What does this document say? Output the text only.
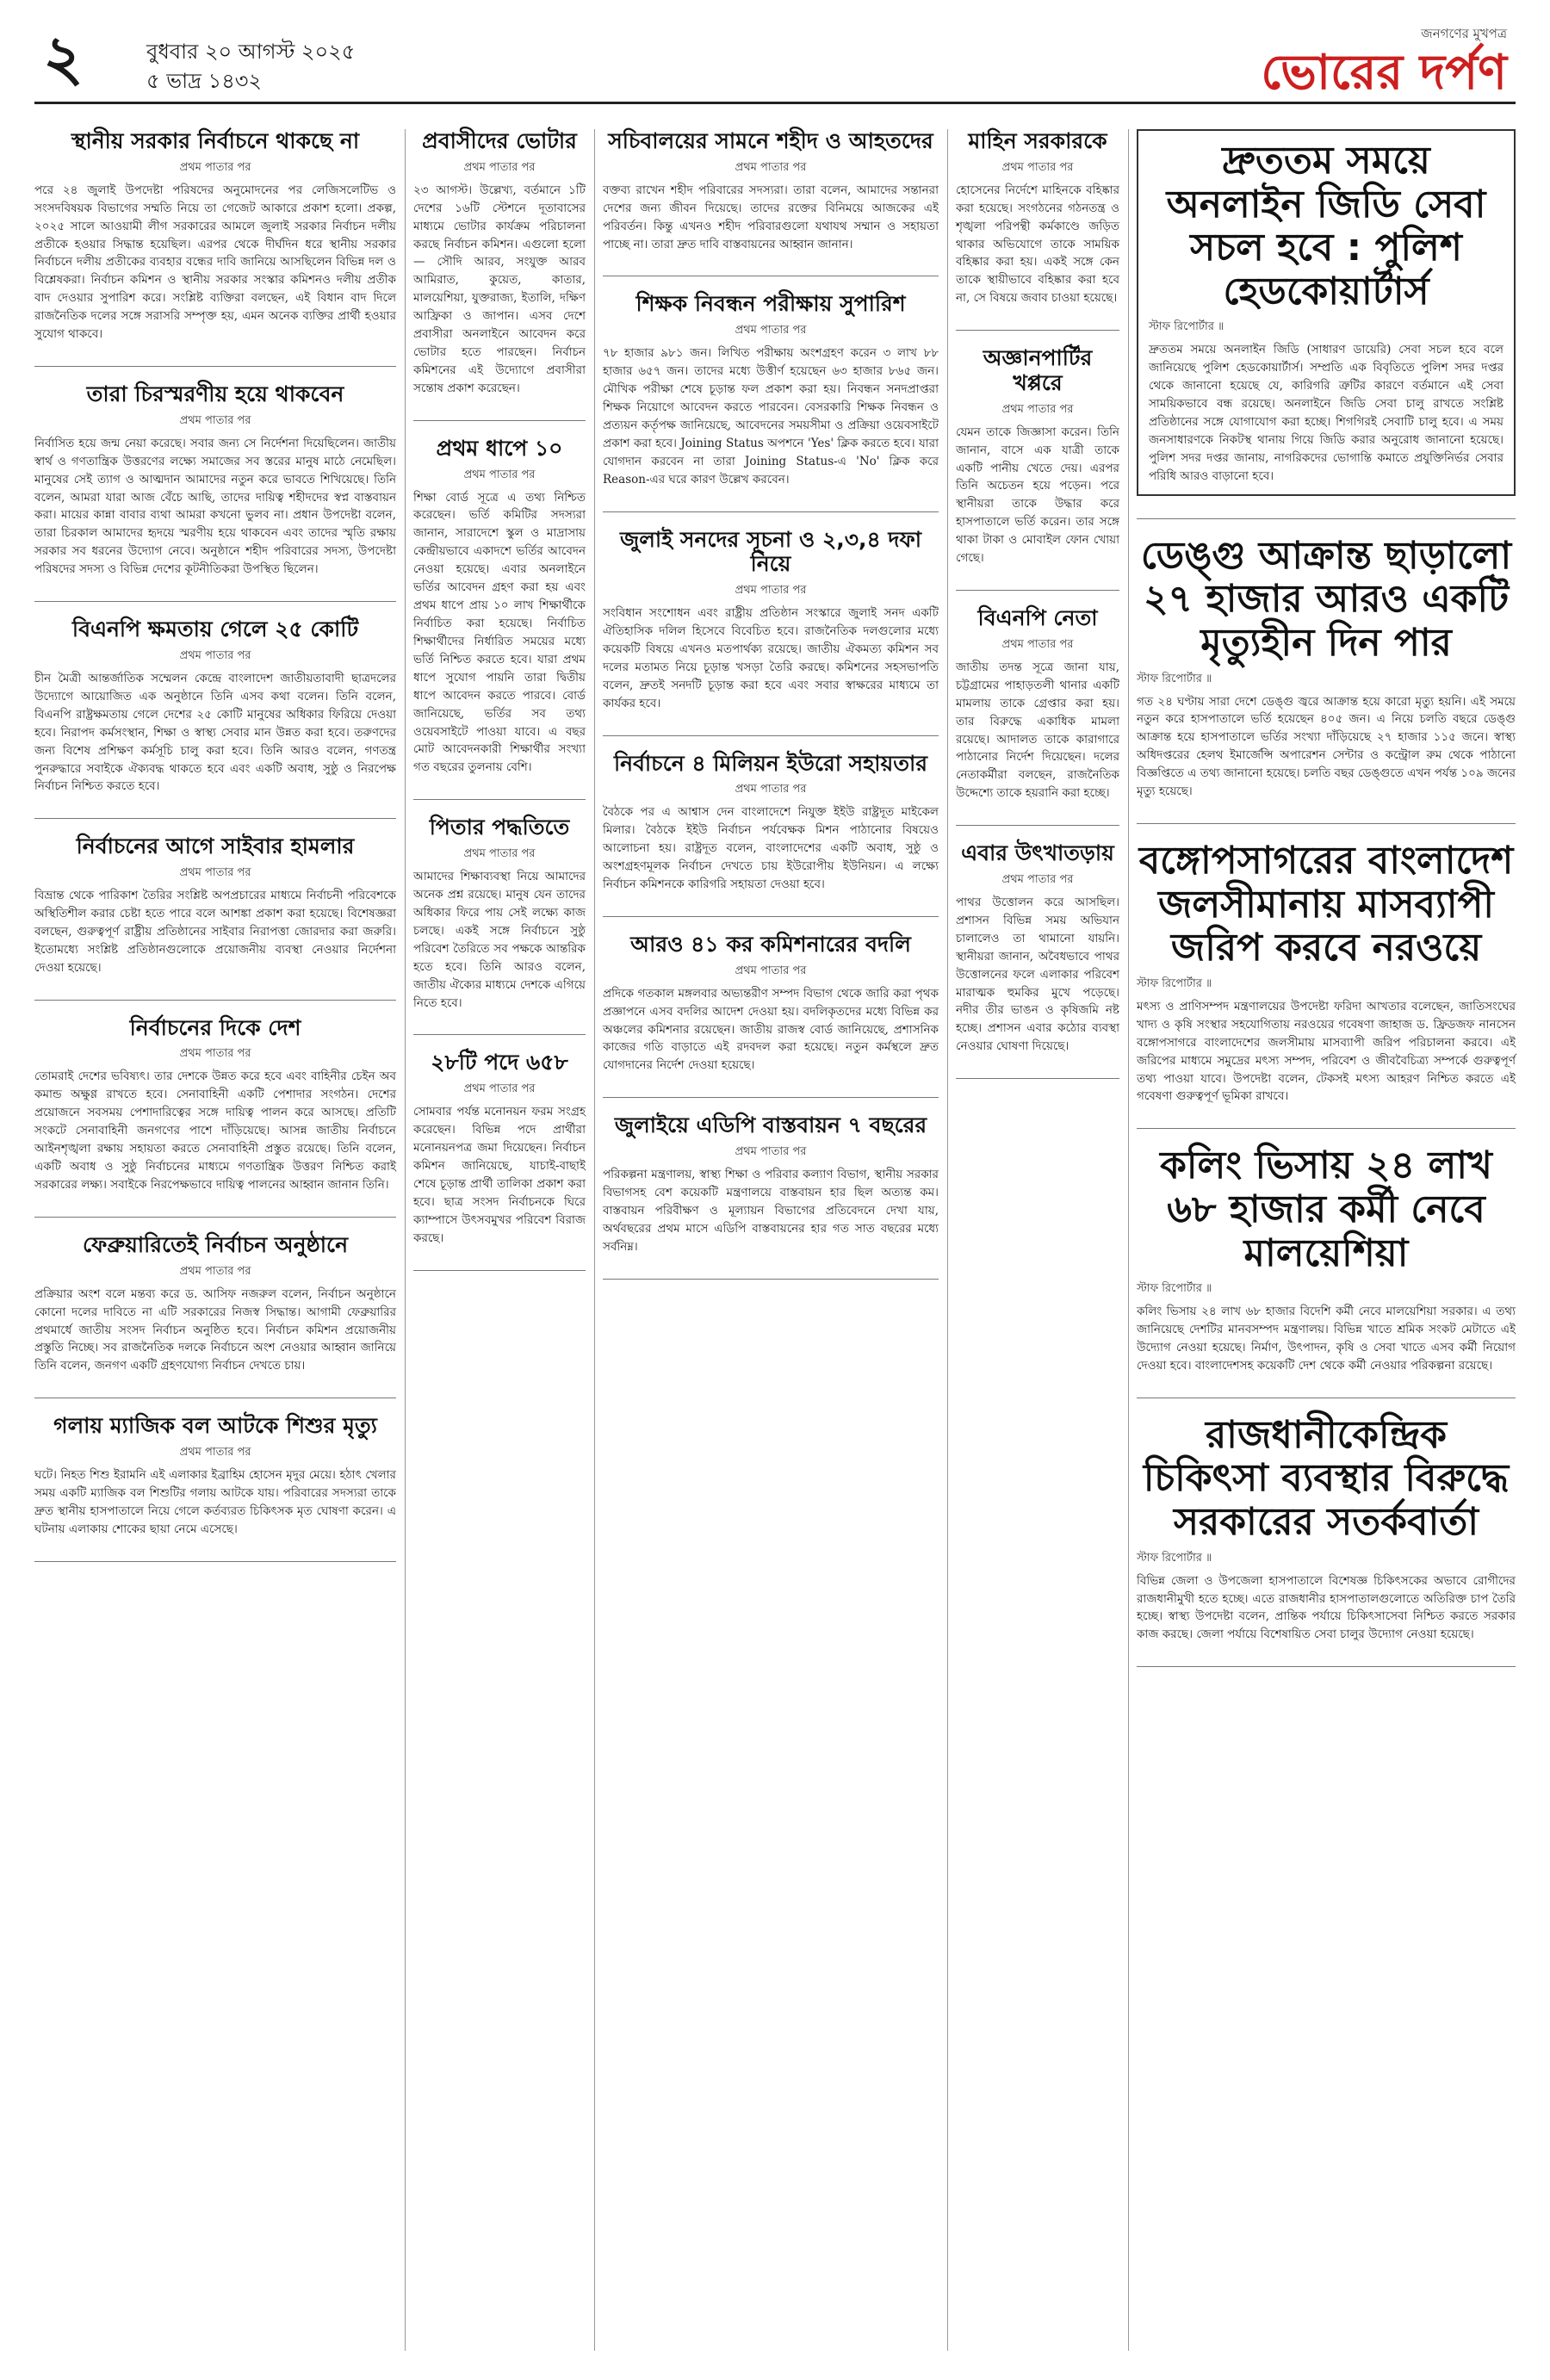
২	বুধবার ২০ আগস্ট ২০২৫
৫ ভাদ্র ১৪৩২
জনগণের মুখপত্র
ভোরের দর্পণ
স্থানীয় সরকার নির্বাচনে থাকছে না
প্রথম পাতার পর
পরে ২৪ জুলাই উপদেষ্টা পরিষদের অনুমোদনের পর লেজিসলেটিভ ও সংসদবিষয়ক বিভাগের সম্মতি নিয়ে তা গেজেট আকারে প্রকাশ হলো। প্রকল্প, ২০২৫ সালে আওয়ামী লীগ সরকারের আমলে জুলাই সরকার নির্বাচন দলীয় প্রতীকে হওয়ার সিদ্ধান্ত হয়েছিল। এরপর থেকে দীর্ঘদিন ধরে স্থানীয় সরকার নির্বাচনে দলীয় প্রতীকের ব্যবহার বন্ধের দাবি জানিয়ে আসছিলেন বিভিন্ন দল ও বিশ্লেষকরা। নির্বাচন কমিশন ও স্থানীয় সরকার সংস্কার কমিশনও দলীয় প্রতীক বাদ দেওয়ার সুপারিশ করে। সংশ্লিষ্ট ব্যক্তিরা বলছেন, এই বিধান বাদ দিলে রাজনৈতিক দলের সঙ্গে সরাসরি সম্পৃক্ত হয়, এমন অনেক ব্যক্তির প্রার্থী হওয়ার সুযোগ থাকবে।
তারা চিরস্মরণীয় হয়ে থাকবেন
প্রথম পাতার পর
নির্বাসিত হয়ে জন্ম নেয়া করেছে। সবার জন্য সে নির্দেশনা দিয়েছিলেন। জাতীয় স্বার্থ ও গণতান্ত্রিক উত্তরণের লক্ষ্যে সমাজের সব স্তরের মানুষ মাঠে নেমেছিল। মানুষের সেই ত্যাগ ও আত্মদান আমাদের নতুন করে ভাবতে শিখিয়েছে। তিনি বলেন, আমরা যারা আজ বেঁচে আছি, তাদের দায়িত্ব শহীদদের স্বপ্ন বাস্তবায়ন করা। মায়ের কান্না বাবার ব্যথা আমরা কখনো ভুলব না। প্রধান উপদেষ্টা বলেন, তারা চিরকাল আমাদের হৃদয়ে স্মরণীয় হয়ে থাকবেন এবং তাদের স্মৃতি রক্ষায় সরকার সব ধরনের উদ্যোগ নেবে। অনুষ্ঠানে শহীদ পরিবারের সদস্য, উপদেষ্টা পরিষদের সদস্য ও বিভিন্ন দেশের কূটনীতিকরা উপস্থিত ছিলেন।
বিএনপি ক্ষমতায় গেলে ২৫ কোটি
প্রথম পাতার পর
চীন মৈত্রী আন্তর্জাতিক সম্মেলন কেন্দ্রে বাংলাদেশ জাতীয়তাবাদী ছাত্রদলের উদ্যোগে আয়োজিত এক অনুষ্ঠানে তিনি এসব কথা বলেন। তিনি বলেন, বিএনপি রাষ্ট্রক্ষমতায় গেলে দেশের ২৫ কোটি মানুষের অধিকার ফিরিয়ে দেওয়া হবে। নিরাপদ কর্মসংস্থান, শিক্ষা ও স্বাস্থ্য সেবার মান উন্নত করা হবে। তরুণদের জন্য বিশেষ প্রশিক্ষণ কর্মসূচি চালু করা হবে। তিনি আরও বলেন, গণতন্ত্র পুনরুদ্ধারে সবাইকে ঐক্যবদ্ধ থাকতে হবে এবং একটি অবাধ, সুষ্ঠু ও নিরপেক্ষ নির্বাচন নিশ্চিত করতে হবে।
নির্বাচনের আগে সাইবার হামলার
প্রথম পাতার পর
বিভ্রান্ত থেকে পারিকাশ তৈরির সংশ্লিষ্ট অপপ্রচারের মাধ্যমে নির্বাচনী পরিবেশকে অস্থিতিশীল করার চেষ্টা হতে পারে বলে আশঙ্কা প্রকাশ করা হয়েছে। বিশেষজ্ঞরা বলছেন, গুরুত্বপূর্ণ রাষ্ট্রীয় প্রতিষ্ঠানের সাইবার নিরাপত্তা জোরদার করা জরুরি। ইতোমধ্যে সংশ্লিষ্ট প্রতিষ্ঠানগুলোকে প্রয়োজনীয় ব্যবস্থা নেওয়ার নির্দেশনা দেওয়া হয়েছে।
নির্বাচনের দিকে দেশ
প্রথম পাতার পর
তোমরাই দেশের ভবিষ্যৎ। তার দেশকে উন্নত করে হবে এবং বাহিনীর চেইন অব কমান্ড অক্ষুণ্ণ রাখতে হবে। সেনাবাহিনী একটি পেশাদার সংগঠন। দেশের প্রয়োজনে সবসময় পেশাদারিত্বের সঙ্গে দায়িত্ব পালন করে আসছে। প্রতিটি সংকটে সেনাবাহিনী জনগণের পাশে দাঁড়িয়েছে। আসন্ন জাতীয় নির্বাচনে আইনশৃঙ্খলা রক্ষায় সহায়তা করতে সেনাবাহিনী প্রস্তুত রয়েছে। তিনি বলেন, একটি অবাধ ও সুষ্ঠু নির্বাচনের মাধ্যমে গণতান্ত্রিক উত্তরণ নিশ্চিত করাই সরকারের লক্ষ্য। সবাইকে নিরপেক্ষভাবে দায়িত্ব পালনের আহ্বান জানান তিনি।
ফেব্রুয়ারিতেই নির্বাচন অনুষ্ঠানে
প্রথম পাতার পর
প্রক্রিয়ার অংশ বলে মন্তব্য করে ড. আসিফ নজরুল বলেন, নির্বাচন অনুষ্ঠানে কোনো দলের দাবিতে না এটি সরকারের নিজস্ব সিদ্ধান্ত। আগামী ফেব্রুয়ারির প্রথমার্ধে জাতীয় সংসদ নির্বাচন অনুষ্ঠিত হবে। নির্বাচন কমিশন প্রয়োজনীয় প্রস্তুতি নিচ্ছে। সব রাজনৈতিক দলকে নির্বাচনে অংশ নেওয়ার আহ্বান জানিয়ে তিনি বলেন, জনগণ একটি গ্রহণযোগ্য নির্বাচন দেখতে চায়।
গলায় ম্যাজিক বল আটকে শিশুর মৃত্যু
প্রথম পাতার পর
ঘটে। নিহত শিশু ইরামনি এই এলাকার ইব্রাহিম হোসেন মৃদুর মেয়ে। হঠাৎ খেলার সময় একটি ম্যাজিক বল শিশুটির গলায় আটকে যায়। পরিবারের সদস্যরা তাকে দ্রুত স্থানীয় হাসপাতালে নিয়ে গেলে কর্তব্যরত চিকিৎসক মৃত ঘোষণা করেন। এ ঘটনায় এলাকায় শোকের ছায়া নেমে এসেছে।
প্রবাসীদের ভোটার
প্রথম পাতার পর
২৩ আগস্ট। উল্লেখ্য, বর্তমানে ১টি দেশের ১৬টি স্টেশনে দূতাবাসের মাধ্যমে ভোটার কার্যক্রম পরিচালনা করছে নির্বাচন কমিশন। এগুলো হলো— সৌদি আরব, সংযুক্ত আরব আমিরাত, কুয়েত, কাতার, মালয়েশিয়া, যুক্তরাজ্য, ইতালি, দক্ষিণ আফ্রিকা ও জাপান। এসব দেশে প্রবাসীরা অনলাইনে আবেদন করে ভোটার হতে পারছেন। নির্বাচন কমিশনের এই উদ্যোগে প্রবাসীরা সন্তোষ প্রকাশ করেছেন।
প্রথম ধাপে ১০
প্রথম পাতার পর
শিক্ষা বোর্ড সূত্রে এ তথ্য নিশ্চিত করেছেন। ভর্তি কমিটির সদস্যরা জানান, সারাদেশে স্কুল ও মাদ্রাসায় কেন্দ্রীয়ভাবে একাদশে ভর্তির আবেদন নেওয়া হয়েছে। এবার অনলাইনে ভর্তির আবেদন গ্রহণ করা হয় এবং প্রথম ধাপে প্রায় ১০ লাখ শিক্ষার্থীকে নির্বাচিত করা হয়েছে। নির্বাচিত শিক্ষার্থীদের নির্ধারিত সময়ের মধ্যে ভর্তি নিশ্চিত করতে হবে। যারা প্রথম ধাপে সুযোগ পায়নি তারা দ্বিতীয় ধাপে আবেদন করতে পারবে। বোর্ড জানিয়েছে, ভর্তির সব তথ্য ওয়েবসাইটে পাওয়া যাবে। এ বছর মোট আবেদনকারী শিক্ষার্থীর সংখ্যা গত বছরের তুলনায় বেশি।
পিতার পদ্ধতিতে
প্রথম পাতার পর
আমাদের শিক্ষাব্যবস্থা নিয়ে আমাদের অনেক প্রশ্ন রয়েছে। মানুষ যেন তাদের অধিকার ফিরে পায় সেই লক্ষ্যে কাজ চলছে। একই সঙ্গে নির্বাচনে সুষ্ঠু পরিবেশ তৈরিতে সব পক্ষকে আন্তরিক হতে হবে। তিনি আরও বলেন, জাতীয় ঐক্যের মাধ্যমে দেশকে এগিয়ে নিতে হবে।
২৮টি পদে ৬৫৮
প্রথম পাতার পর
সোমবার পর্যন্ত মনোনয়ন ফরম সংগ্রহ করেছেন। বিভিন্ন পদে প্রার্থীরা মনোনয়নপত্র জমা দিয়েছেন। নির্বাচন কমিশন জানিয়েছে, যাচাই-বাছাই শেষে চূড়ান্ত প্রার্থী তালিকা প্রকাশ করা হবে। ছাত্র সংসদ নির্বাচনকে ঘিরে ক্যাম্পাসে উৎসবমুখর পরিবেশ বিরাজ করছে।
সচিবালয়ের সামনে শহীদ ও আহতদের
প্রথম পাতার পর
বক্তব্য রাখেন শহীদ পরিবারের সদস্যরা। তারা বলেন, আমাদের সন্তানরা দেশের জন্য জীবন দিয়েছে। তাদের রক্তের বিনিময়ে আজকের এই পরিবর্তন। কিন্তু এখনও শহীদ পরিবারগুলো যথাযথ সম্মান ও সহায়তা পাচ্ছে না। তারা দ্রুত দাবি বাস্তবায়নের আহ্বান জানান।
শিক্ষক নিবন্ধন পরীক্ষায় সুপারিশ
প্রথম পাতার পর
৭৮ হাজার ৯৮১ জন। লিখিত পরীক্ষায় অংশগ্রহণ করেন ৩ লাখ ৮৮ হাজার ৬৫৭ জন। তাদের মধ্যে উত্তীর্ণ হয়েছেন ৬৩ হাজার ৮৬৫ জন। মৌখিক পরীক্ষা শেষে চূড়ান্ত ফল প্রকাশ করা হয়। নিবন্ধন সনদপ্রাপ্তরা শিক্ষক নিয়োগে আবেদন করতে পারবেন। বেসরকারি শিক্ষক নিবন্ধন ও প্রত্যয়ন কর্তৃপক্ষ জানিয়েছে, আবেদনের সময়সীমা ও প্রক্রিয়া ওয়েবসাইটে প্রকাশ করা হবে। Joining Status অপশনে 'Yes' ক্লিক করতে হবে। যারা যোগদান করবেন না তারা Joining Status-এ 'No' ক্লিক করে Reason-এর ঘরে কারণ উল্লেখ করবেন।
জুলাই সনদের সূচনা ও ২,৩,৪ দফা নিয়ে
প্রথম পাতার পর
সংবিধান সংশোধন এবং রাষ্ট্রীয় প্রতিষ্ঠান সংস্কারে জুলাই সনদ একটি ঐতিহাসিক দলিল হিসেবে বিবেচিত হবে। রাজনৈতিক দলগুলোর মধ্যে কয়েকটি বিষয়ে এখনও মতপার্থক্য রয়েছে। জাতীয় ঐকমত্য কমিশন সব দলের মতামত নিয়ে চূড়ান্ত খসড়া তৈরি করছে। কমিশনের সহসভাপতি বলেন, দ্রুতই সনদটি চূড়ান্ত করা হবে এবং সবার স্বাক্ষরের মাধ্যমে তা কার্যকর হবে।
নির্বাচনে ৪ মিলিয়ন ইউরো সহায়তার
প্রথম পাতার পর
বৈঠকে পর এ আশ্বাস দেন বাংলাদেশে নিযুক্ত ইইউ রাষ্ট্রদূত মাইকেল মিলার। বৈঠকে ইইউ নির্বাচন পর্যবেক্ষক মিশন পাঠানোর বিষয়েও আলোচনা হয়। রাষ্ট্রদূত বলেন, বাংলাদেশের একটি অবাধ, সুষ্ঠু ও অংশগ্রহণমূলক নির্বাচন দেখতে চায় ইউরোপীয় ইউনিয়ন। এ লক্ষ্যে নির্বাচন কমিশনকে কারিগরি সহায়তা দেওয়া হবে।
আরও ৪১ কর কমিশনারের বদলি
প্রথম পাতার পর
প্রদিকে গতকাল মঙ্গলবার অভ্যন্তরীণ সম্পদ বিভাগ থেকে জারি করা পৃথক প্রজ্ঞাপনে এসব বদলির আদেশ দেওয়া হয়। বদলিকৃতদের মধ্যে বিভিন্ন কর অঞ্চলের কমিশনার রয়েছেন। জাতীয় রাজস্ব বোর্ড জানিয়েছে, প্রশাসনিক কাজের গতি বাড়াতে এই রদবদল করা হয়েছে। নতুন কর্মস্থলে দ্রুত যোগদানের নির্দেশ দেওয়া হয়েছে।
জুলাইয়ে এডিপি বাস্তবায়ন ৭ বছরের
প্রথম পাতার পর
পরিকল্পনা মন্ত্রণালয়, স্বাস্থ্য শিক্ষা ও পরিবার কল্যাণ বিভাগ, স্থানীয় সরকার বিভাগসহ বেশ কয়েকটি মন্ত্রণালয়ে বাস্তবায়ন হার ছিল অত্যন্ত কম। বাস্তবায়ন পরিবীক্ষণ ও মূল্যায়ন বিভাগের প্রতিবেদনে দেখা যায়, অর্থবছরের প্রথম মাসে এডিপি বাস্তবায়নের হার গত সাত বছরের মধ্যে সর্বনিম্ন।
মাহিন সরকারকে
প্রথম পাতার পর
হোসেনের নির্দেশে মাহিনকে বহিষ্কার করা হয়েছে। সংগঠনের গঠনতন্ত্র ও শৃঙ্খলা পরিপন্থী কর্মকাণ্ডে জড়িত থাকার অভিযোগে তাকে সাময়িক বহিষ্কার করা হয়। একই সঙ্গে কেন তাকে স্থায়ীভাবে বহিষ্কার করা হবে না, সে বিষয়ে জবাব চাওয়া হয়েছে।
অজ্ঞানপার্টির খপ্পরে
প্রথম পাতার পর
যেমন তাকে জিজ্ঞাসা করেন। তিনি জানান, বাসে এক যাত্রী তাকে একটি পানীয় খেতে দেয়। এরপর তিনি অচেতন হয়ে পড়েন। পরে স্থানীয়রা তাকে উদ্ধার করে হাসপাতালে ভর্তি করেন। তার সঙ্গে থাকা টাকা ও মোবাইল ফোন খোয়া গেছে।
বিএনপি নেতা
প্রথম পাতার পর
জাতীয় তদন্ত সূত্রে জানা যায়, চট্টগ্রামের পাহাড়তলী থানার একটি মামলায় তাকে গ্রেপ্তার করা হয়। তার বিরুদ্ধে একাধিক মামলা রয়েছে। আদালত তাকে কারাগারে পাঠানোর নির্দেশ দিয়েছেন। দলের নেতাকর্মীরা বলছেন, রাজনৈতিক উদ্দেশ্যে তাকে হয়রানি করা হচ্ছে।
এবার উৎখাতড়ায়
প্রথম পাতার পর
পাথর উত্তোলন করে আসছিল। প্রশাসন বিভিন্ন সময় অভিযান চালালেও তা থামানো যায়নি। স্থানীয়রা জানান, অবৈধভাবে পাথর উত্তোলনের ফলে এলাকার পরিবেশ মারাত্মক হুমকির মুখে পড়েছে। নদীর তীর ভাঙন ও কৃষিজমি নষ্ট হচ্ছে। প্রশাসন এবার কঠোর ব্যবস্থা নেওয়ার ঘোষণা দিয়েছে।
দ্রুততম সময়ে অনলাইন জিডি সেবা সচল হবে : পুলিশ হেডকোয়ার্টার্স
স্টাফ রিপোর্টার ॥
দ্রুততম সময়ে অনলাইন জিডি (সাধারণ ডায়েরি) সেবা সচল হবে বলে জানিয়েছে পুলিশ হেডকোয়ার্টার্স। সম্প্রতি এক বিবৃতিতে পুলিশ সদর দপ্তর থেকে জানানো হয়েছে যে, কারিগরি ত্রুটির কারণে বর্তমানে এই সেবা সাময়িকভাবে বন্ধ রয়েছে। অনলাইনে জিডি সেবা চালু রাখতে সংশ্লিষ্ট প্রতিষ্ঠানের সঙ্গে যোগাযোগ করা হচ্ছে। শিগগিরই সেবাটি চালু হবে। এ সময় জনসাধারণকে নিকটস্থ থানায় গিয়ে জিডি করার অনুরোধ জানানো হয়েছে। পুলিশ সদর দপ্তর জানায়, নাগরিকদের ভোগান্তি কমাতে প্রযুক্তিনির্ভর সেবার পরিধি আরও বাড়ানো হবে।
ডেঙ্গু আক্রান্ত ছাড়ালো ২৭ হাজার আরও একটি মৃত্যুহীন দিন পার
স্টাফ রিপোর্টার ॥
গত ২৪ ঘণ্টায় সারা দেশে ডেঙ্গু জ্বরে আক্রান্ত হয়ে কারো মৃত্যু হয়নি। এই সময়ে নতুন করে হাসপাতালে ভর্তি হয়েছেন ৪০৫ জন। এ নিয়ে চলতি বছরে ডেঙ্গু আক্রান্ত হয়ে হাসপাতালে ভর্তির সংখ্যা দাঁড়িয়েছে ২৭ হাজার ১১৫ জনে। স্বাস্থ্য অধিদপ্তরের হেলথ ইমার্জেন্সি অপারেশন সেন্টার ও কন্ট্রোল রুম থেকে পাঠানো বিজ্ঞপ্তিতে এ তথ্য জানানো হয়েছে। চলতি বছর ডেঙ্গুতে এখন পর্যন্ত ১০৯ জনের মৃত্যু হয়েছে।
বঙ্গোপসাগরের বাংলাদেশ জলসীমানায় মাসব্যাপী জরিপ করবে নরওয়ে
স্টাফ রিপোর্টার ॥
মৎস্য ও প্রাণিসম্পদ মন্ত্রণালয়ের উপদেষ্টা ফরিদা আখতার বলেছেন, জাতিসংঘের খাদ্য ও কৃষি সংস্থার সহযোগিতায় নরওয়ের গবেষণা জাহাজ ড. ফ্রিডজফ নানসেন বঙ্গোপসাগরে বাংলাদেশের জলসীমায় মাসব্যাপী জরিপ পরিচালনা করবে। এই জরিপের মাধ্যমে সমুদ্রের মৎস্য সম্পদ, পরিবেশ ও জীববৈচিত্র্য সম্পর্কে গুরুত্বপূর্ণ তথ্য পাওয়া যাবে। উপদেষ্টা বলেন, টেকসই মৎস্য আহরণ নিশ্চিত করতে এই গবেষণা গুরুত্বপূর্ণ ভূমিকা রাখবে।
কলিং ভিসায় ২৪ লাখ ৬৮ হাজার কর্মী নেবে মালয়েশিয়া
স্টাফ রিপোর্টার ॥
কলিং ভিসায় ২৪ লাখ ৬৮ হাজার বিদেশি কর্মী নেবে মালয়েশিয়া সরকার। এ তথ্য জানিয়েছে দেশটির মানবসম্পদ মন্ত্রণালয়। বিভিন্ন খাতে শ্রমিক সংকট মেটাতে এই উদ্যোগ নেওয়া হয়েছে। নির্মাণ, উৎপাদন, কৃষি ও সেবা খাতে এসব কর্মী নিয়োগ দেওয়া হবে। বাংলাদেশসহ কয়েকটি দেশ থেকে কর্মী নেওয়ার পরিকল্পনা রয়েছে।
রাজধানীকেন্দ্রিক চিকিৎসা ব্যবস্থার বিরুদ্ধে সরকারের সতর্কবার্তা
স্টাফ রিপোর্টার ॥
বিভিন্ন জেলা ও উপজেলা হাসপাতালে বিশেষজ্ঞ চিকিৎসকের অভাবে রোগীদের রাজধানীমুখী হতে হচ্ছে। এতে রাজধানীর হাসপাতালগুলোতে অতিরিক্ত চাপ তৈরি হচ্ছে। স্বাস্থ্য উপদেষ্টা বলেন, প্রান্তিক পর্যায়ে চিকিৎসাসেবা নিশ্চিত করতে সরকার কাজ করছে। জেলা পর্যায়ে বিশেষায়িত সেবা চালুর উদ্যোগ নেওয়া হয়েছে।
